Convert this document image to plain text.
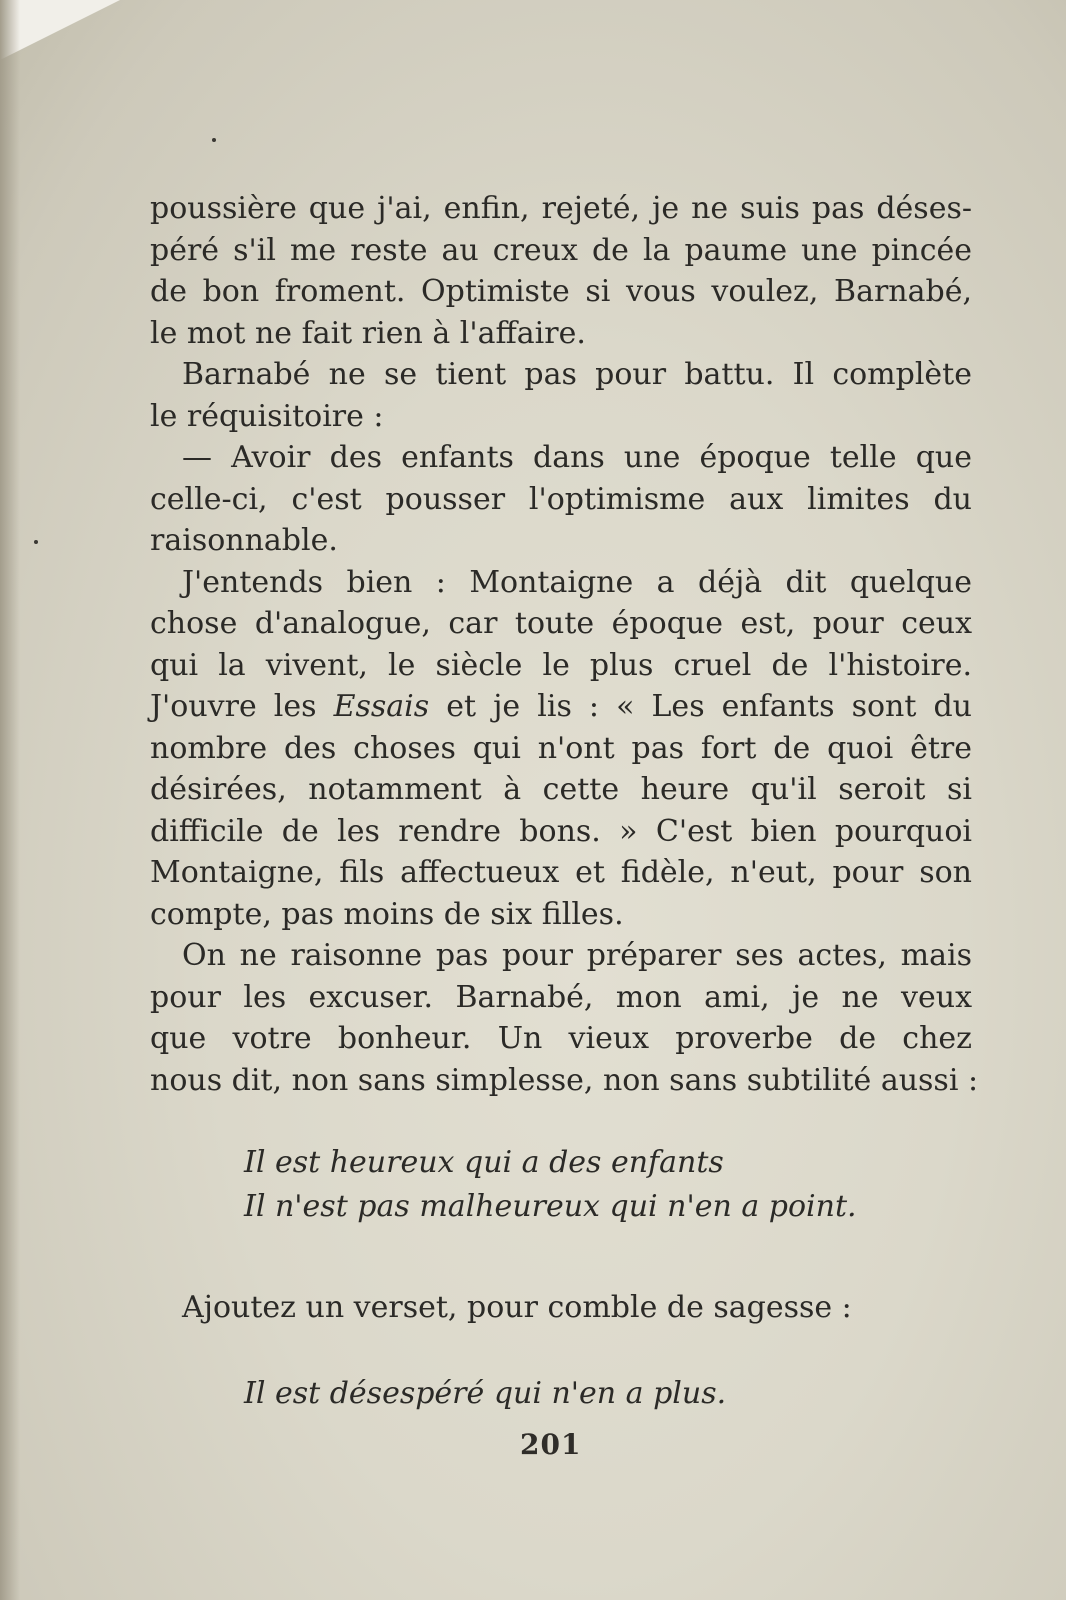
poussière que j'ai, enfin, rejeté, je ne suis pas déses-
péré s'il me reste au creux de la paume une pincée
de bon froment. Optimiste si vous voulez, Barnabé,
le mot ne fait rien à l'affaire.

Barnabé ne se tient pas pour battu. Il complète
le réquisitoire :

— Avoir des enfants dans une époque telle que
celle-ci, c'est pousser l'optimisme aux limites du
raisonnable.

J'entends bien : Montaigne a déjà dit quelque
chose d'analogue, car toute époque est, pour ceux
qui la vivent, le siècle le plus cruel de l'histoire.
J'ouvre les Essais et je lis : « Les enfants sont du
nombre des choses qui n'ont pas fort de quoi être
désirées, notamment à cette heure qu'il seroit si
difficile de les rendre bons. » C'est bien pourquoi
Montaigne, fils affectueux et fidèle, n'eut, pour son
compte, pas moins de six filles.

On ne raisonne pas pour préparer ses actes, mais
pour les excuser. Barnabé, mon ami, je ne veux
que votre bonheur. Un vieux proverbe de chez
nous dit, non sans simplesse, non sans subtilité aussi :

Il est heureux qui a des enfants
Il n'est pas malheureux qui n'en a point.

Ajoutez un verset, pour comble de sagesse :

Il est désespéré qui n'en a plus.
201
